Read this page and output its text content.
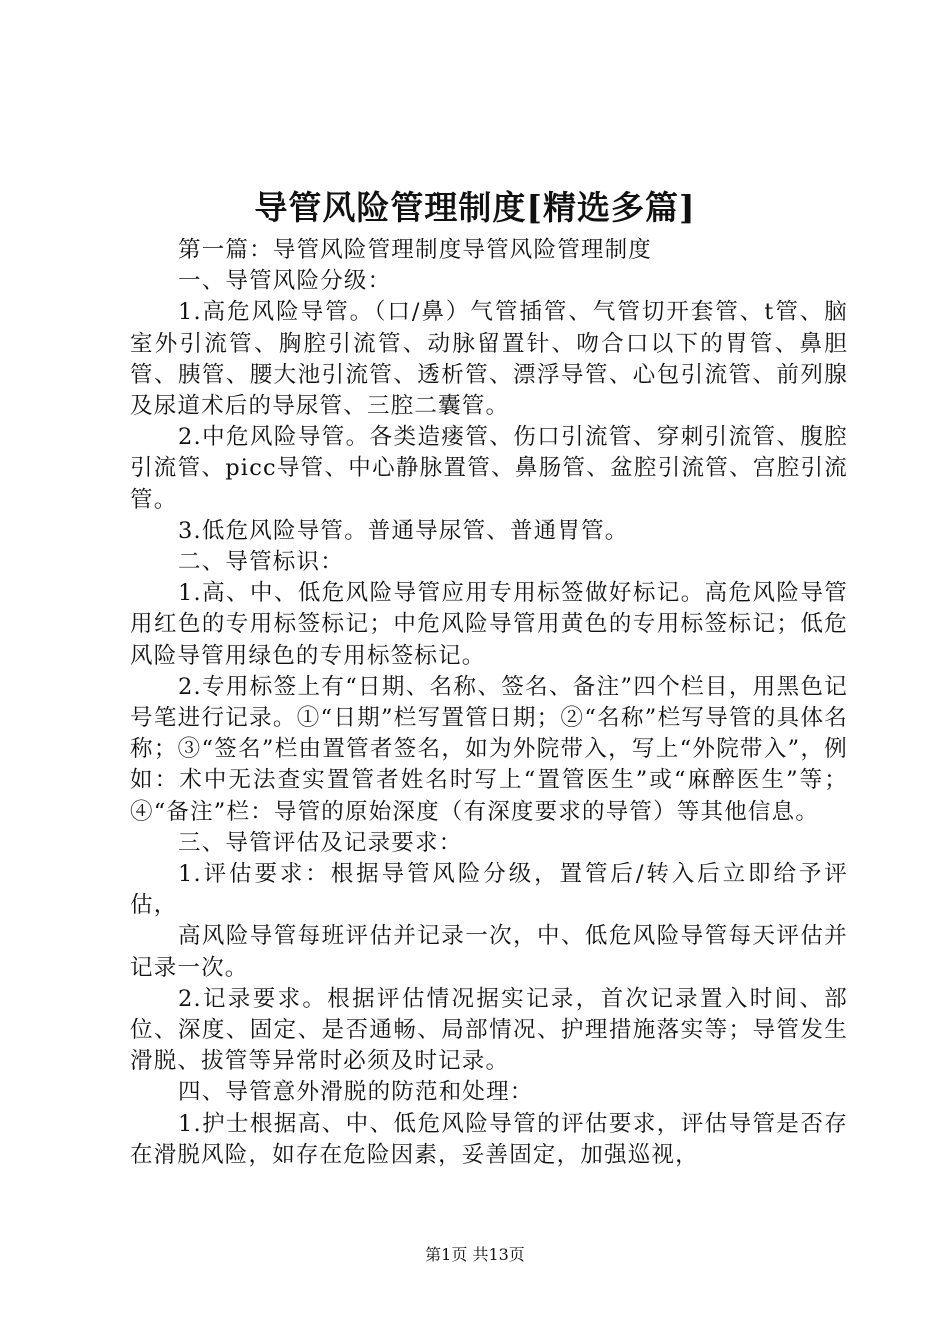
导管风险管理制度[精选多篇]

第一篇：导管风险管理制度导管风险管理制度

一、导管风险分级：

1.高危风险导管。（口/鼻）气管插管、气管切开套管、t管、脑室外引流管、胸腔引流管、动脉留置针、吻合口以下的胃管、鼻胆管、胰管、腰大池引流管、透析管、漂浮导管、心包引流管、前列腺及尿道术后的导尿管、三腔二囊管。

2.中危风险导管。各类造瘘管、伤口引流管、穿刺引流管、腹腔引流管、picc导管、中心静脉置管、鼻肠管、盆腔引流管、宫腔引流管。

3.低危风险导管。普通导尿管、普通胃管。

二、导管标识：

1.高、中、低危风险导管应用专用标签做好标记。高危风险导管用红色的专用标签标记；中危风险导管用黄色的专用标签标记；低危风险导管用绿色的专用标签标记。

2.专用标签上有“日期、名称、签名、备注”四个栏目，用黑色记号笔进行记录。①“日期”栏写置管日期；②“名称”栏写导管的具体名称；③“签名”栏由置管者签名，如为外院带入，写上“外院带入”，例如：术中无法查实置管者姓名时写上“置管医生”或“麻醉医生”等；④“备注”栏：导管的原始深度（有深度要求的导管）等其他信息。

三、导管评估及记录要求：

1.评估要求：根据导管风险分级，置管后/转入后立即给予评估，

高风险导管每班评估并记录一次，中、低危风险导管每天评估并记录一次。

2.记录要求。根据评估情况据实记录，首次记录置入时间、部位、深度、固定、是否通畅、局部情况、护理措施落实等；导管发生滑脱、拔管等异常时必须及时记录。

四、导管意外滑脱的防范和处理：

1.护士根据高、中、低危风险导管的评估要求，评估导管是否存在滑脱风险，如存在危险因素，妥善固定，加强巡视，

第1页 共13页
